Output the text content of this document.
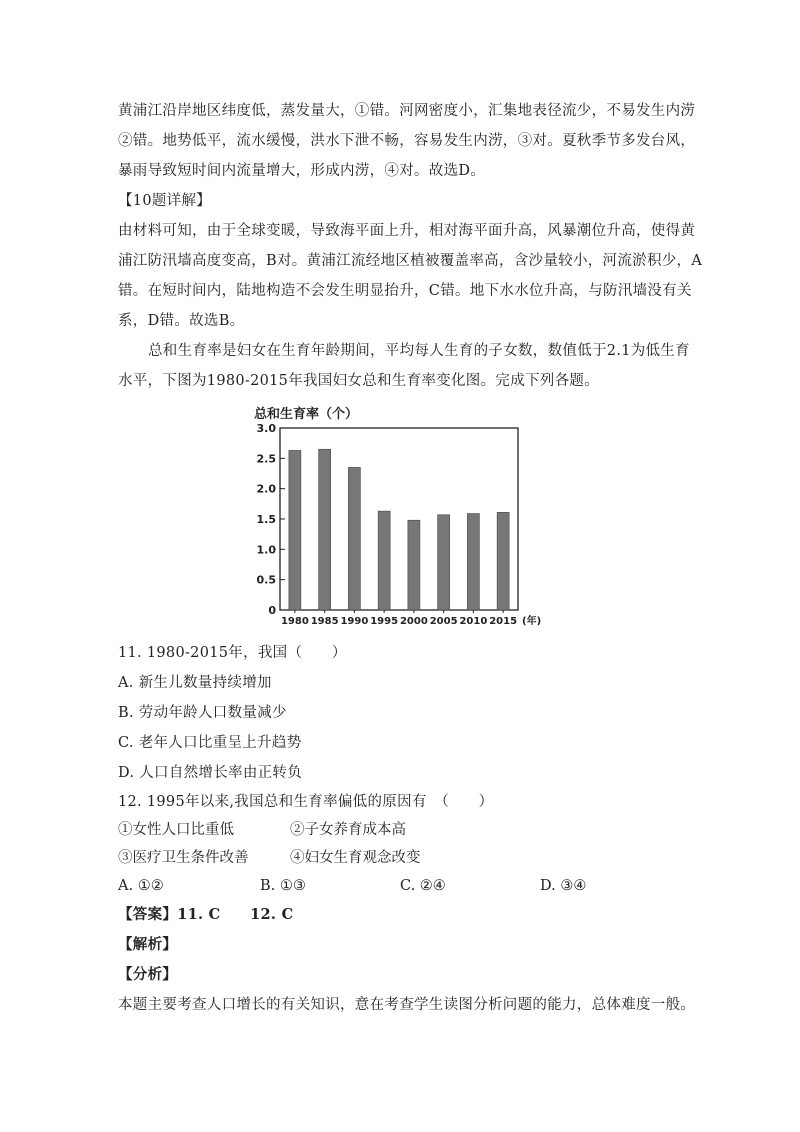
黄浦江沿岸地区纬度低，蒸发量大，①错。河网密度小，汇集地表径流少，不易发生内涝
②错。地势低平，流水缓慢，洪水下泄不畅，容易发生内涝，③对。夏秋季节多发台风，
暴雨导致短时间内流量增大，形成内涝，④对。故选D。
【10题详解】
由材料可知，由于全球变暖，导致海平面上升，相对海平面升高，风暴潮位升高，使得黄
浦江防汛墙高度变高，B对。黄浦江流经地区植被覆盖率高，含沙量较小，河流淤积少，A
错。在短时间内，陆地构造不会发生明显抬升，C错。地下水水位升高，与防汛墙没有关
系，D错。故选B。
总和生育率是妇女在生育年龄期间，平均每人生育的子女数，数值低于2.1为低生育
水平，下图为1980-2015年我国妇女总和生育率变化图。完成下列各题。
总和生育率（个）
0
0.5
1.0
1.5
2.0
2.5
3.0
1980 1985 1990 1995 2000 2005 2010 2015 (年)
11. 1980-2015年，我国（　　）
A. 新生儿数量持续增加
B. 劳动年龄人口数量减少
C. 老年人口比重呈上升趋势
D. 人口自然增长率由正转负
12. 1995年以来,我国总和生育率偏低的原因有　（　　）
①女性人口比重低	②子女养育成本高
③医疗卫生条件改善	④妇女生育观念改变
A. ①②	B. ①③	C. ②④	D. ③④
【答案】11. C　　12. C
【解析】
【分析】
本题主要考查人口增长的有关知识，意在考查学生读图分析问题的能力，总体难度一般。
